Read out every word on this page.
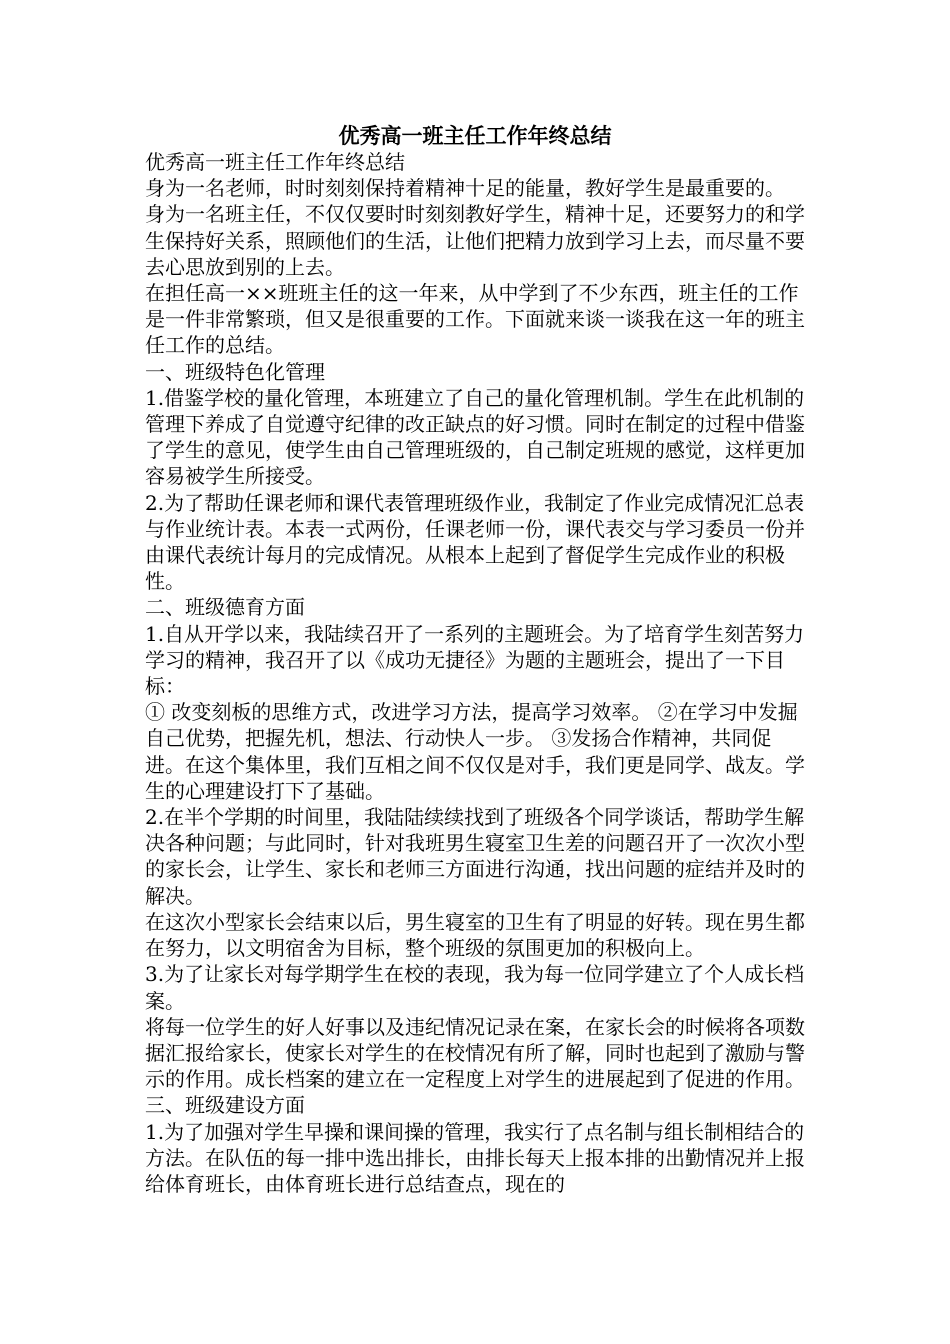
优秀高一班主任工作年终总结

优秀高一班主任工作年终总结

身为一名老师，时时刻刻保持着精神十足的能量，教好学生是最重要的。

身为一名班主任，不仅仅要时时刻刻教好学生，精神十足，还要努力的和学生保持好关系，照顾他们的生活，让他们把精力放到学习上去，而尽量不要去心思放到别的上去。

在担任高一××班班主任的这一年来，从中学到了不少东西，班主任的工作是一件非常繁琐，但又是很重要的工作。下面就来谈一谈我在这一年的班主任工作的总结。

一、班级特色化管理

1.借鉴学校的量化管理，本班建立了自己的量化管理机制。学生在此机制的管理下养成了自觉遵守纪律的改正缺点的好习惯。同时在制定的过程中借鉴了学生的意见，使学生由自己管理班级的，自己制定班规的感觉，这样更加容易被学生所接受。

2.为了帮助任课老师和课代表管理班级作业，我制定了作业完成情况汇总表与作业统计表。本表一式两份，任课老师一份，课代表交与学习委员一份并由课代表统计每月的完成情况。从根本上起到了督促学生完成作业的积极性。

二、班级德育方面

1.自从开学以来，我陆续召开了一系列的主题班会。为了培育学生刻苦努力学习的精神，我召开了以《成功无捷径》为题的主题班会，提出了一下目标：

① 改变刻板的思维方式，改进学习方法，提高学习效率。 ②在学习中发掘自己优势，把握先机，想法、行动快人一步。 ③发扬合作精神，共同促进。在这个集体里，我们互相之间不仅仅是对手，我们更是同学、战友。学生的心理建设打下了基础。

2.在半个学期的时间里，我陆陆续续找到了班级各个同学谈话，帮助学生解决各种问题；与此同时，针对我班男生寝室卫生差的问题召开了一次次小型的家长会，让学生、家长和老师三方面进行沟通，找出问题的症结并及时的解决。

在这次小型家长会结束以后，男生寝室的卫生有了明显的好转。现在男生都在努力，以文明宿舍为目标，整个班级的氛围更加的积极向上。

3.为了让家长对每学期学生在校的表现，我为每一位同学建立了个人成长档案。

将每一位学生的好人好事以及违纪情况记录在案，在家长会的时候将各项数据汇报给家长，使家长对学生的在校情况有所了解，同时也起到了激励与警示的作用。成长档案的建立在一定程度上对学生的进展起到了促进的作用。

三、班级建设方面

1.为了加强对学生早操和课间操的管理，我实行了点名制与组长制相结合的方法。在队伍的每一排中选出排长，由排长每天上报本排的出勤情况并上报给体育班长，由体育班长进行总结查点，现在的
